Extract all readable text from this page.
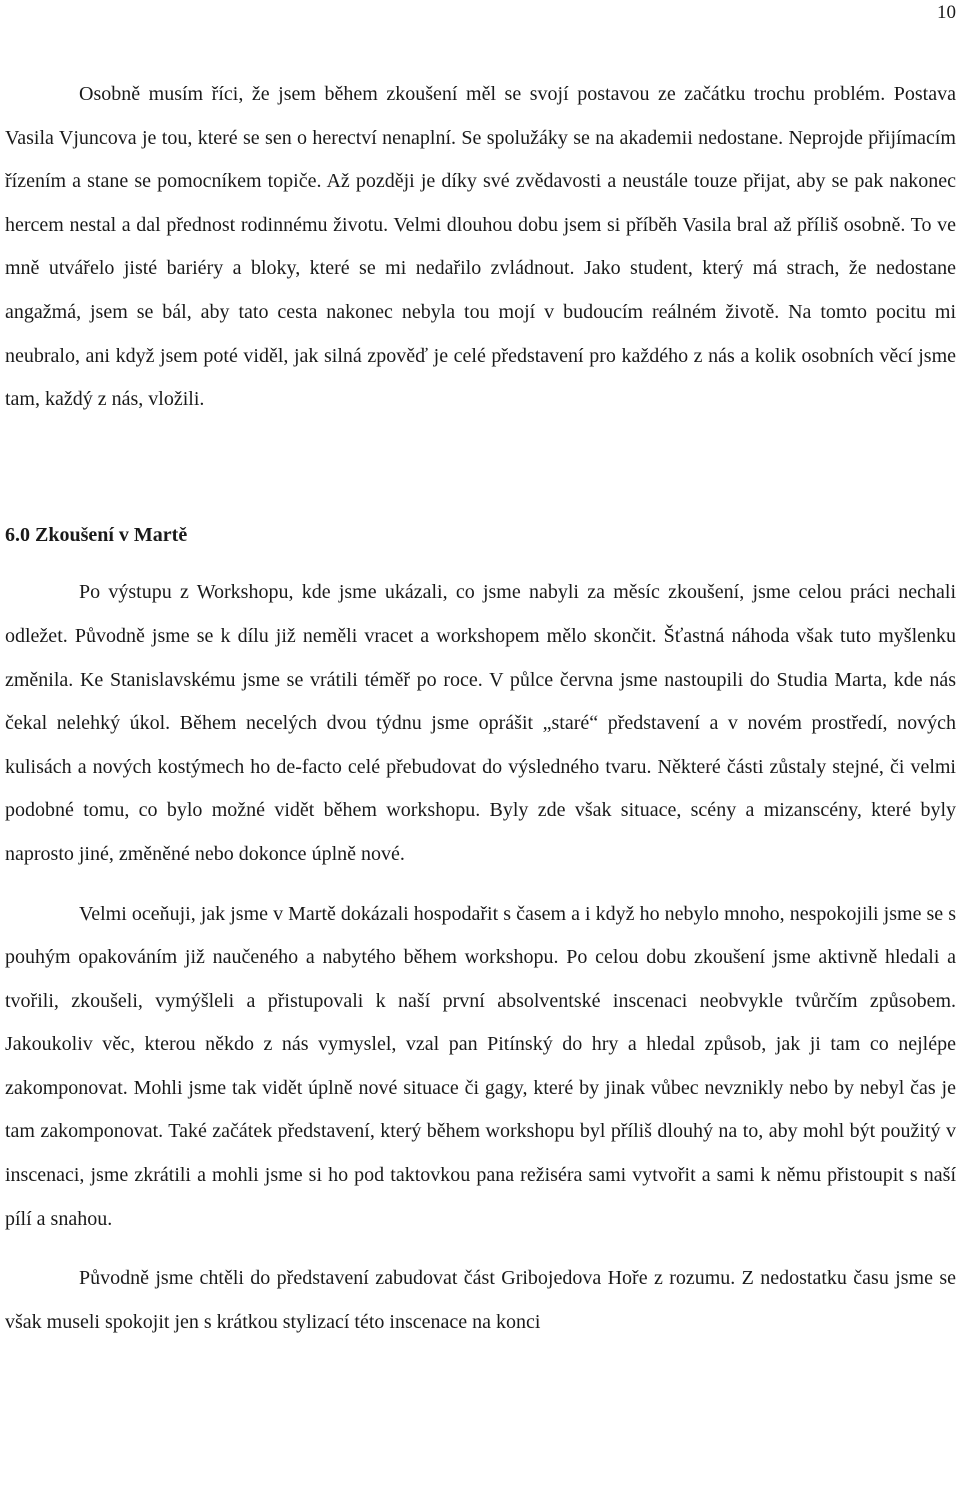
10

Osobně musím říci, že jsem během zkoušení měl se svojí postavou ze začátku trochu problém. Postava Vasila Vjuncova je tou, které se sen o herectví nenaplní. Se spolužáky se na akademii nedostane. Neprojde přijímacím řízením a stane se pomocníkem topiče. Až později je díky své zvědavosti a neustále touze přijat, aby se pak nakonec hercem nestal a dal přednost rodinnému životu. Velmi dlouhou dobu jsem si příběh Vasila bral až příliš osobně. To ve mně utvářelo jisté bariéry a bloky, které se mi nedařilo zvládnout. Jako student, který má strach, že nedostane angažmá, jsem se bál, aby tato cesta nakonec nebyla tou mojí v budoucím reálném životě. Na tomto pocitu mi neubralo, ani když jsem poté viděl, jak silná zpověď je celé představení pro každého z nás a kolik osobních věcí jsme tam, každý z nás, vložili.

6.0 Zkoušení v Martě

Po výstupu z Workshopu, kde jsme ukázali, co jsme nabyli za měsíc zkoušení, jsme celou práci nechali odležet. Původně jsme se k dílu již neměli vracet a workshopem mělo skončit. Šťastná náhoda však tuto myšlenku změnila. Ke Stanislavskému jsme se vrátili téměř po roce. V půlce června jsme nastoupili do Studia Marta, kde nás čekal nelehký úkol. Během necelých dvou týdnu jsme oprášit „staré“ představení a v novém prostředí, nových kulisách a nových kostýmech ho de-facto celé přebudovat do výsledného tvaru. Některé části zůstaly stejné, či velmi podobné tomu, co bylo možné vidět během workshopu. Byly zde však situace, scény a mizanscény, které byly naprosto jiné, změněné nebo dokonce úplně nové.

Velmi oceňuji, jak jsme v Martě dokázali hospodařit s časem a i když ho nebylo mnoho, nespokojili jsme se s pouhým opakováním již naučeného a nabytého během workshopu. Po celou dobu zkoušení jsme aktivně hledali a tvořili, zkoušeli, vymýšleli a přistupovali k naší první absolventské inscenaci neobvykle tvůrčím způsobem. Jakoukoliv věc, kterou někdo z nás vymyslel, vzal pan Pitínský do hry a hledal způsob, jak ji tam co nejlépe zakomponovat. Mohli jsme tak vidět úplně nové situace či gagy, které by jinak vůbec nevznikly nebo by nebyl čas je tam zakomponovat. Také začátek představení, který během workshopu byl příliš dlouhý na to, aby mohl být použitý v inscenaci, jsme zkrátili a mohli jsme si ho pod taktovkou pana režiséra sami vytvořit a sami k němu přistoupit s naší pílí a snahou.

Původně jsme chtěli do představení zabudovat část Gribojedova Hoře z rozumu. Z nedostatku času jsme se však museli spokojit jen s krátkou stylizací této inscenace na konci
